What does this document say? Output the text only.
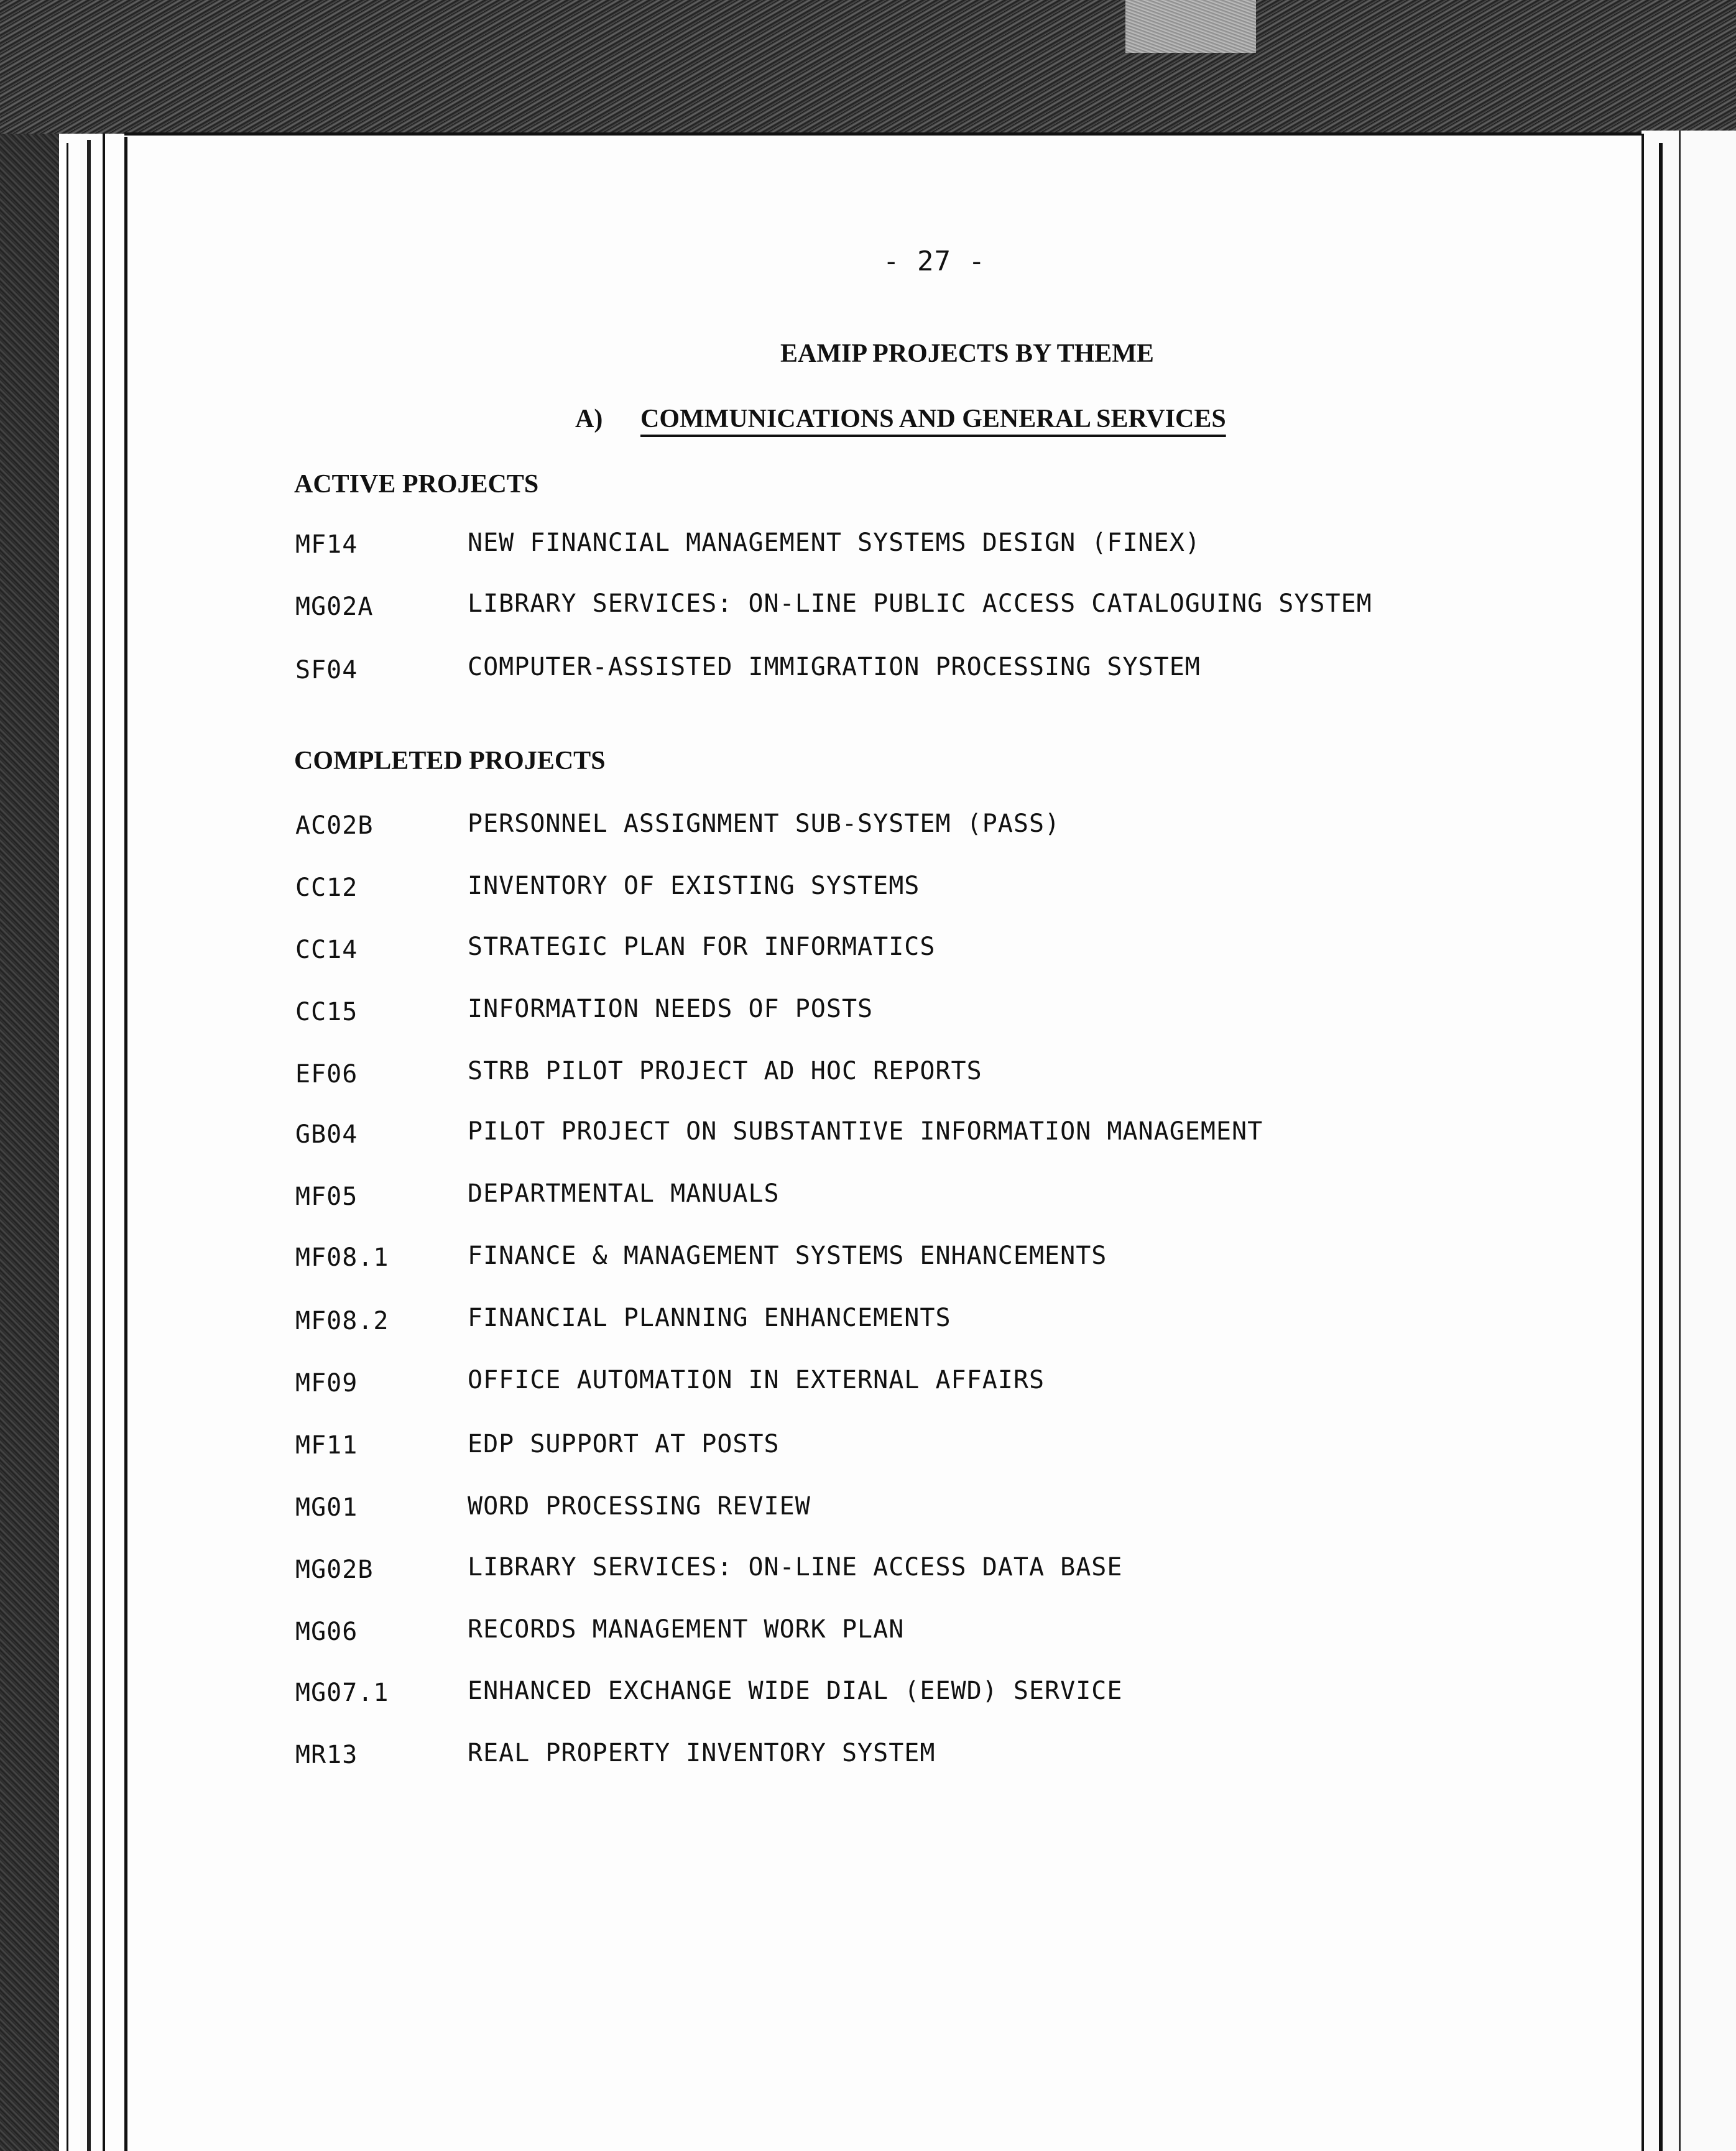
- 27 -
EAMIP PROJECTS BY THEME
A) COMMUNICATIONS AND GENERAL SERVICES
ACTIVE PROJECTS
MF14	NEW FINANCIAL MANAGEMENT SYSTEMS DESIGN (FINEX)
MG02A	LIBRARY SERVICES: ON-LINE PUBLIC ACCESS CATALOGUING SYSTEM
SF04	COMPUTER-ASSISTED IMMIGRATION PROCESSING SYSTEM
COMPLETED PROJECTS
AC02B	PERSONNEL ASSIGNMENT SUB-SYSTEM (PASS)
CC12	INVENTORY OF EXISTING SYSTEMS
CC14	STRATEGIC PLAN FOR INFORMATICS
CC15	INFORMATION NEEDS OF POSTS
EF06	STRB PILOT PROJECT AD HOC REPORTS
GB04	PILOT PROJECT ON SUBSTANTIVE INFORMATION MANAGEMENT
MF05	DEPARTMENTAL MANUALS
MF08.1	FINANCE & MANAGEMENT SYSTEMS ENHANCEMENTS
MF08.2	FINANCIAL PLANNING ENHANCEMENTS
MF09	OFFICE AUTOMATION IN EXTERNAL AFFAIRS
MF11	EDP SUPPORT AT POSTS
MG01	WORD PROCESSING REVIEW
MG02B	LIBRARY SERVICES: ON-LINE ACCESS DATA BASE
MG06	RECORDS MANAGEMENT WORK PLAN
MG07.1	ENHANCED EXCHANGE WIDE DIAL (EEWD) SERVICE
MR13	REAL PROPERTY INVENTORY SYSTEM
